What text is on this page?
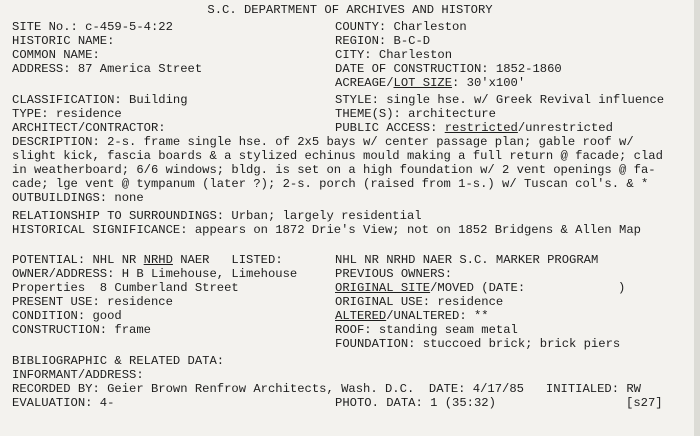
S.C. DEPARTMENT OF ARCHIVES AND HISTORY
SITE No.: c-459-5-4:22
HISTORIC NAME:
COMMON NAME:
ADDRESS: 87 America Street
COUNTY: Charleston
REGION: B-C-D
CITY: Charleston
DATE OF CONSTRUCTION: 1852-1860
ACREAGE/LOT SIZE: 30'x100'
CLASSIFICATION: Building
TYPE: residence
ARCHITECT/CONTRACTOR:
STYLE: single hse. w/ Greek Revival influence
THEME(S): architecture
PUBLIC ACCESS: restricted/unrestricted
DESCRIPTION: 2-s. frame single hse. of 2x5 bays w/ center passage plan; gable roof w/
slight kick, fascia boards & a stylized echinus mould making a full return @ facade; clad
in weatherboard; 6/6 windows; bldg. is set on a high foundation w/ 2 vent openings @ fa-
cade; lge vent @ tympanum (later ?); 2-s. porch (raised from 1-s.) w/ Tuscan col's. & *
OUTBUILDINGS: none
RELATIONSHIP TO SURROUNDINGS: Urban; largely residential
HISTORICAL SIGNIFICANCE: appears on 1872 Drie's View; not on 1852 Bridgens & Allen Map
POTENTIAL: NHL NR NRHD NAER   LISTED:	NHL NR NRHD NAER S.C. MARKER PROGRAM
OWNER/ADDRESS: H B Limehouse, Limehouse
Properties  8 Cumberland Street
PRESENT USE: residence
CONDITION: good
CONSTRUCTION: frame
PREVIOUS OWNERS:
ORIGINAL SITE/MOVED (DATE:	)
ORIGINAL USE: residence
ALTERED/UNALTERED: **
ROOF: standing seam metal
FOUNDATION: stuccoed brick; brick piers
BIBLIOGRAPHIC & RELATED DATA:
INFORMANT/ADDRESS:
RECORDED BY: Geier Brown Renfrow Architects, Wash. D.C.  DATE: 4/17/85   INITIALED: RW
EVALUATION: 4-	PHOTO. DATA: 1 (35:32)	[s27]
